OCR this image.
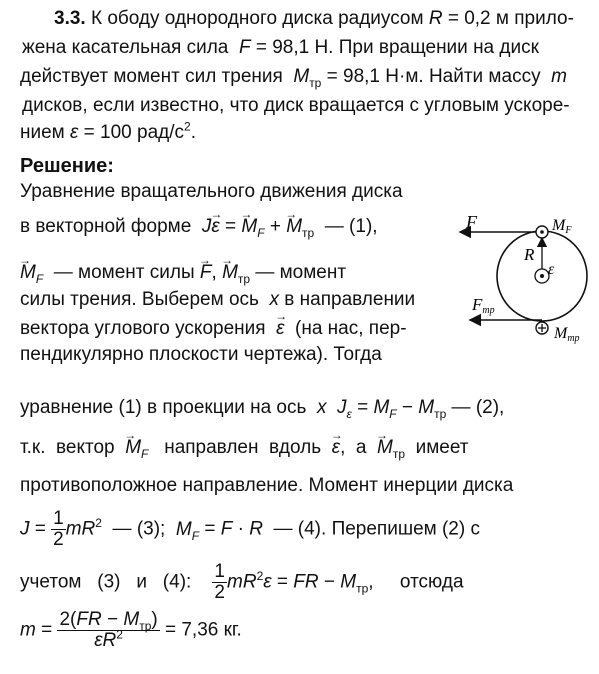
3.3. К ободу однородного диска радиусом R = 0,2 м прило-
жена касательная сила  F = 98,1 Н. При вращении на диск
действует момент сил трения  $M_{тр} = 98,1$ Н·м. Найти массу  m
дисков, если известно, что диск вращается с угловым ускоре-
нием ε = 100 рад/$с^2$.
Решение:
Уравнение вращательного движения диска
в векторной форме  J→ ε = → $M_F$ + → $M_{тр}$  — (1),
→ $M_F$  — момент силы → F, → $M_{тр}$ — момент
силы трения. Выберем ось  x в направлении
вектора углового ускорения  → ε  (на нас, пер-
пендикулярно плоскости чертежа). Тогда
уравнение (1) в проекции на ось  x $J_\varepsilon = M_F - M_{тр}$ — (2),
т.к.  вектор  → $M_F$   направлен  вдоль  → ε,  $а \to M_{тр}$  имеет
противоположное направление. Момент инерции диска
$J = \frac{1}{2} mR^2$  — (3);  $M_F = F \cdot R$  — (4). Перепишем (2) с
учетом   (3)   и   (4): $\frac{1}{2} mR^2\varepsilon$ = FR − $M_{тр}$,     отсюда
$m = \frac{2(FR - M_{тр})}{\varepsilon R^2} = 7,36$ кг.
F	MF
R
ε
Fтр
Mтр
